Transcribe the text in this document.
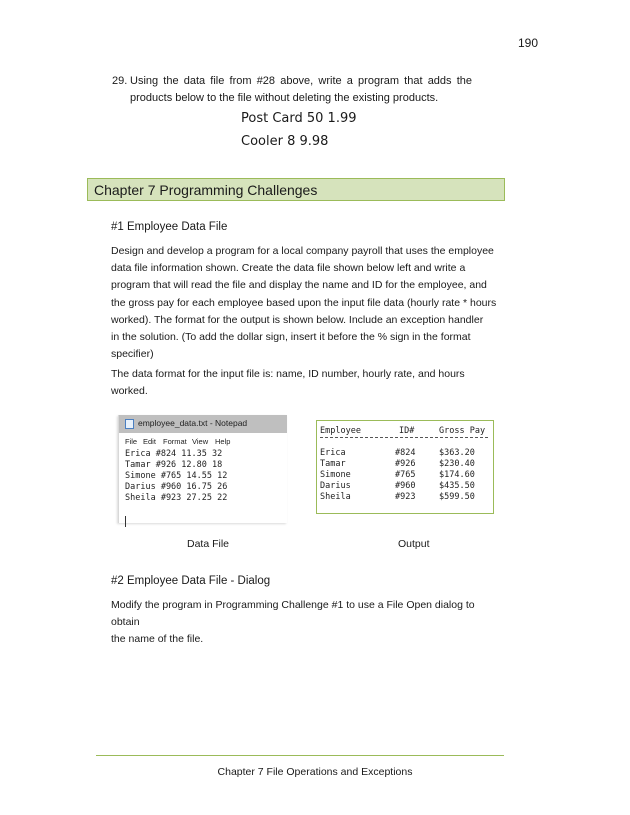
190
29. Using the data file from #28 above, write a program that adds the products below to the file without deleting the existing products.
Post Card 50 1.99
Cooler 8 9.98
Chapter 7 Programming Challenges
#1 Employee Data File
Design and develop a program for a local company payroll that uses the employee
data file information shown. Create the data file shown below left and write a
program that will read the file and display the name and ID for the employee, and
the gross pay for each employee based upon the input file data (hourly rate * hours
worked). The format for the output is shown below. Include an exception handler
in the solution. (To add the dollar sign, insert it before the % sign in the format
specifier)
The data format for the input file is: name, ID number, hourly rate, and hours
worked.
employee_data.txt - Notepad
File Edit Format View Help
Erica #824 11.35 32
Tamar #926 12.80 18
Simone #765 14.55 12
Darius #960 16.75 26
Sheila #923 27.25 22
Employee	ID#	Gross Pay
Erica	#824	$363.20
Tamar	#926	$230.40
Simone	#765	$174.60
Darius	#960	$435.50
Sheila	#923	$599.50
Data File	Output
#2 Employee Data File - Dialog
Modify the program in Programming Challenge #1 to use a File Open dialog to obtain
the name of the file.
Chapter 7 File Operations and Exceptions
